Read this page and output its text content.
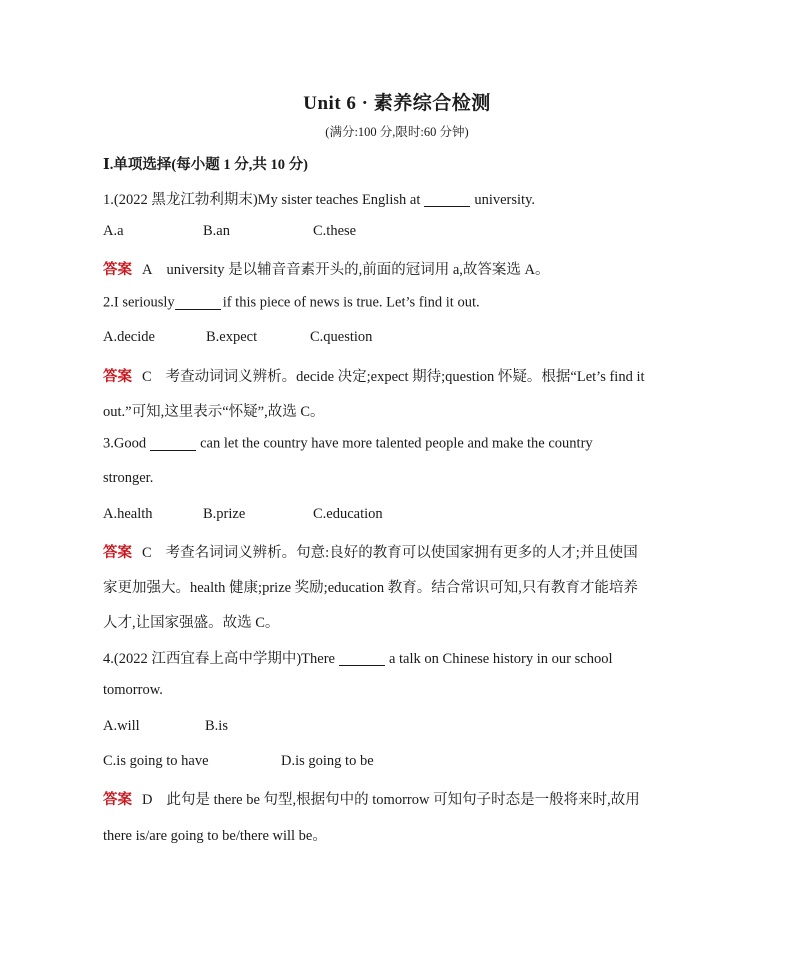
Unit 6 · 素养综合检测
(满分:100 分,限时:60 分钟)
Ⅰ.单项选择(每小题 1 分,共 10 分)
1.(2022 黑龙江勃利期末)My sister teaches English at	university.
A.a	B.an	C.these
答案 A university 是以辅音音素开头的,前面的冠词用 a,故答案选 A。
2.I seriously	if this piece of news is true. Let’s find it out.
A.decide	B.expect	C.question
答案 C 考查动词词义辨析。decide 决定;expect 期待;question 怀疑。根据“Let’s find it
out.”可知,这里表示“怀疑”,故选 C。
3.Good	can let the country have more talented people and make the country
stronger.
A.health	B.prize	C.education
答案 C 考查名词词义辨析。句意:良好的教育可以使国家拥有更多的人才;并且使国
家更加强大。health 健康;prize 奖励;education 教育。结合常识可知,只有教育才能培养
人才,让国家强盛。故选 C。
4.(2022 江西宜春上高中学期中)There	a talk on Chinese history in our school
tomorrow.
A.will	B.is
C.is going to have	D.is going to be
答案 D 此句是 there be 句型,根据句中的 tomorrow 可知句子时态是一般将来时,故用
there is/are going to be/there will be。
